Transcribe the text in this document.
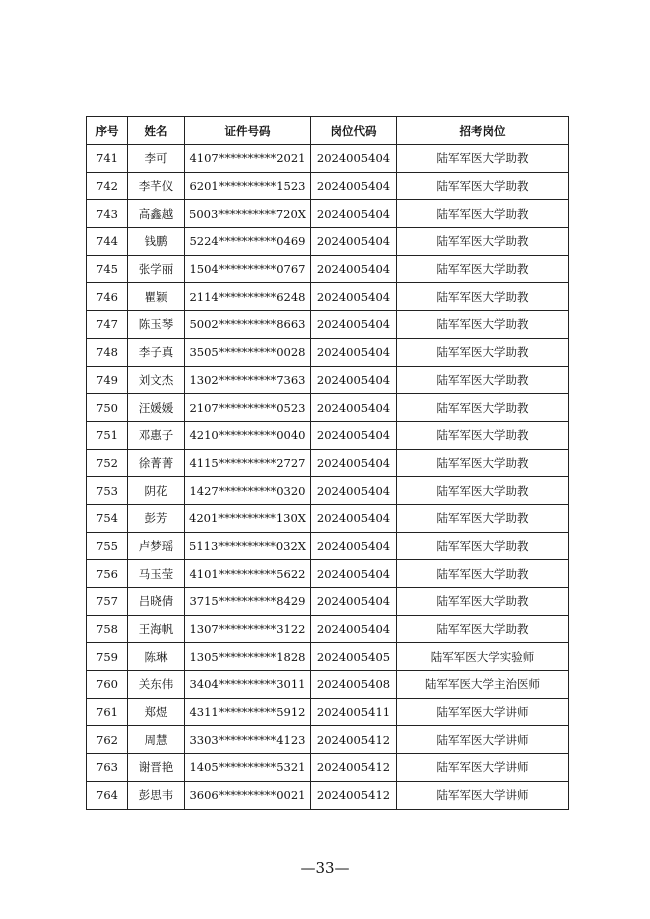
序号	姓名	证件号码	岗位代码	招考岗位
741	李可	4107**********2021	2024005404	陆军军医大学助教
742	李芊仪	6201**********1523	2024005404	陆军军医大学助教
743	高鑫越	5003**********720X	2024005404	陆军军医大学助教
744	钱鹏	5224**********0469	2024005404	陆军军医大学助教
745	张学丽	1504**********0767	2024005404	陆军军医大学助教
746	瞿颖	2114**********6248	2024005404	陆军军医大学助教
747	陈玉琴	5002**********8663	2024005404	陆军军医大学助教
748	李子真	3505**********0028	2024005404	陆军军医大学助教
749	刘文杰	1302**********7363	2024005404	陆军军医大学助教
750	汪媛媛	2107**********0523	2024005404	陆军军医大学助教
751	邓惠子	4210**********0040	2024005404	陆军军医大学助教
752	徐菁菁	4115**********2727	2024005404	陆军军医大学助教
753	阴花	1427**********0320	2024005404	陆军军医大学助教
754	彭芳	4201**********130X	2024005404	陆军军医大学助教
755	卢梦瑶	5113**********032X	2024005404	陆军军医大学助教
756	马玉莹	4101**********5622	2024005404	陆军军医大学助教
757	吕晓倩	3715**********8429	2024005404	陆军军医大学助教
758	王海帆	1307**********3122	2024005404	陆军军医大学助教
759	陈琳	1305**********1828	2024005405	陆军军医大学实验师
760	关东伟	3404**********3011	2024005408	陆军军医大学主治医师
761	郑煜	4311**********5912	2024005411	陆军军医大学讲师
762	周慧	3303**********4123	2024005412	陆军军医大学讲师
763	谢晋艳	1405**********5321	2024005412	陆军军医大学讲师
764	彭思韦	3606**********0021	2024005412	陆军军医大学讲师
—33—
